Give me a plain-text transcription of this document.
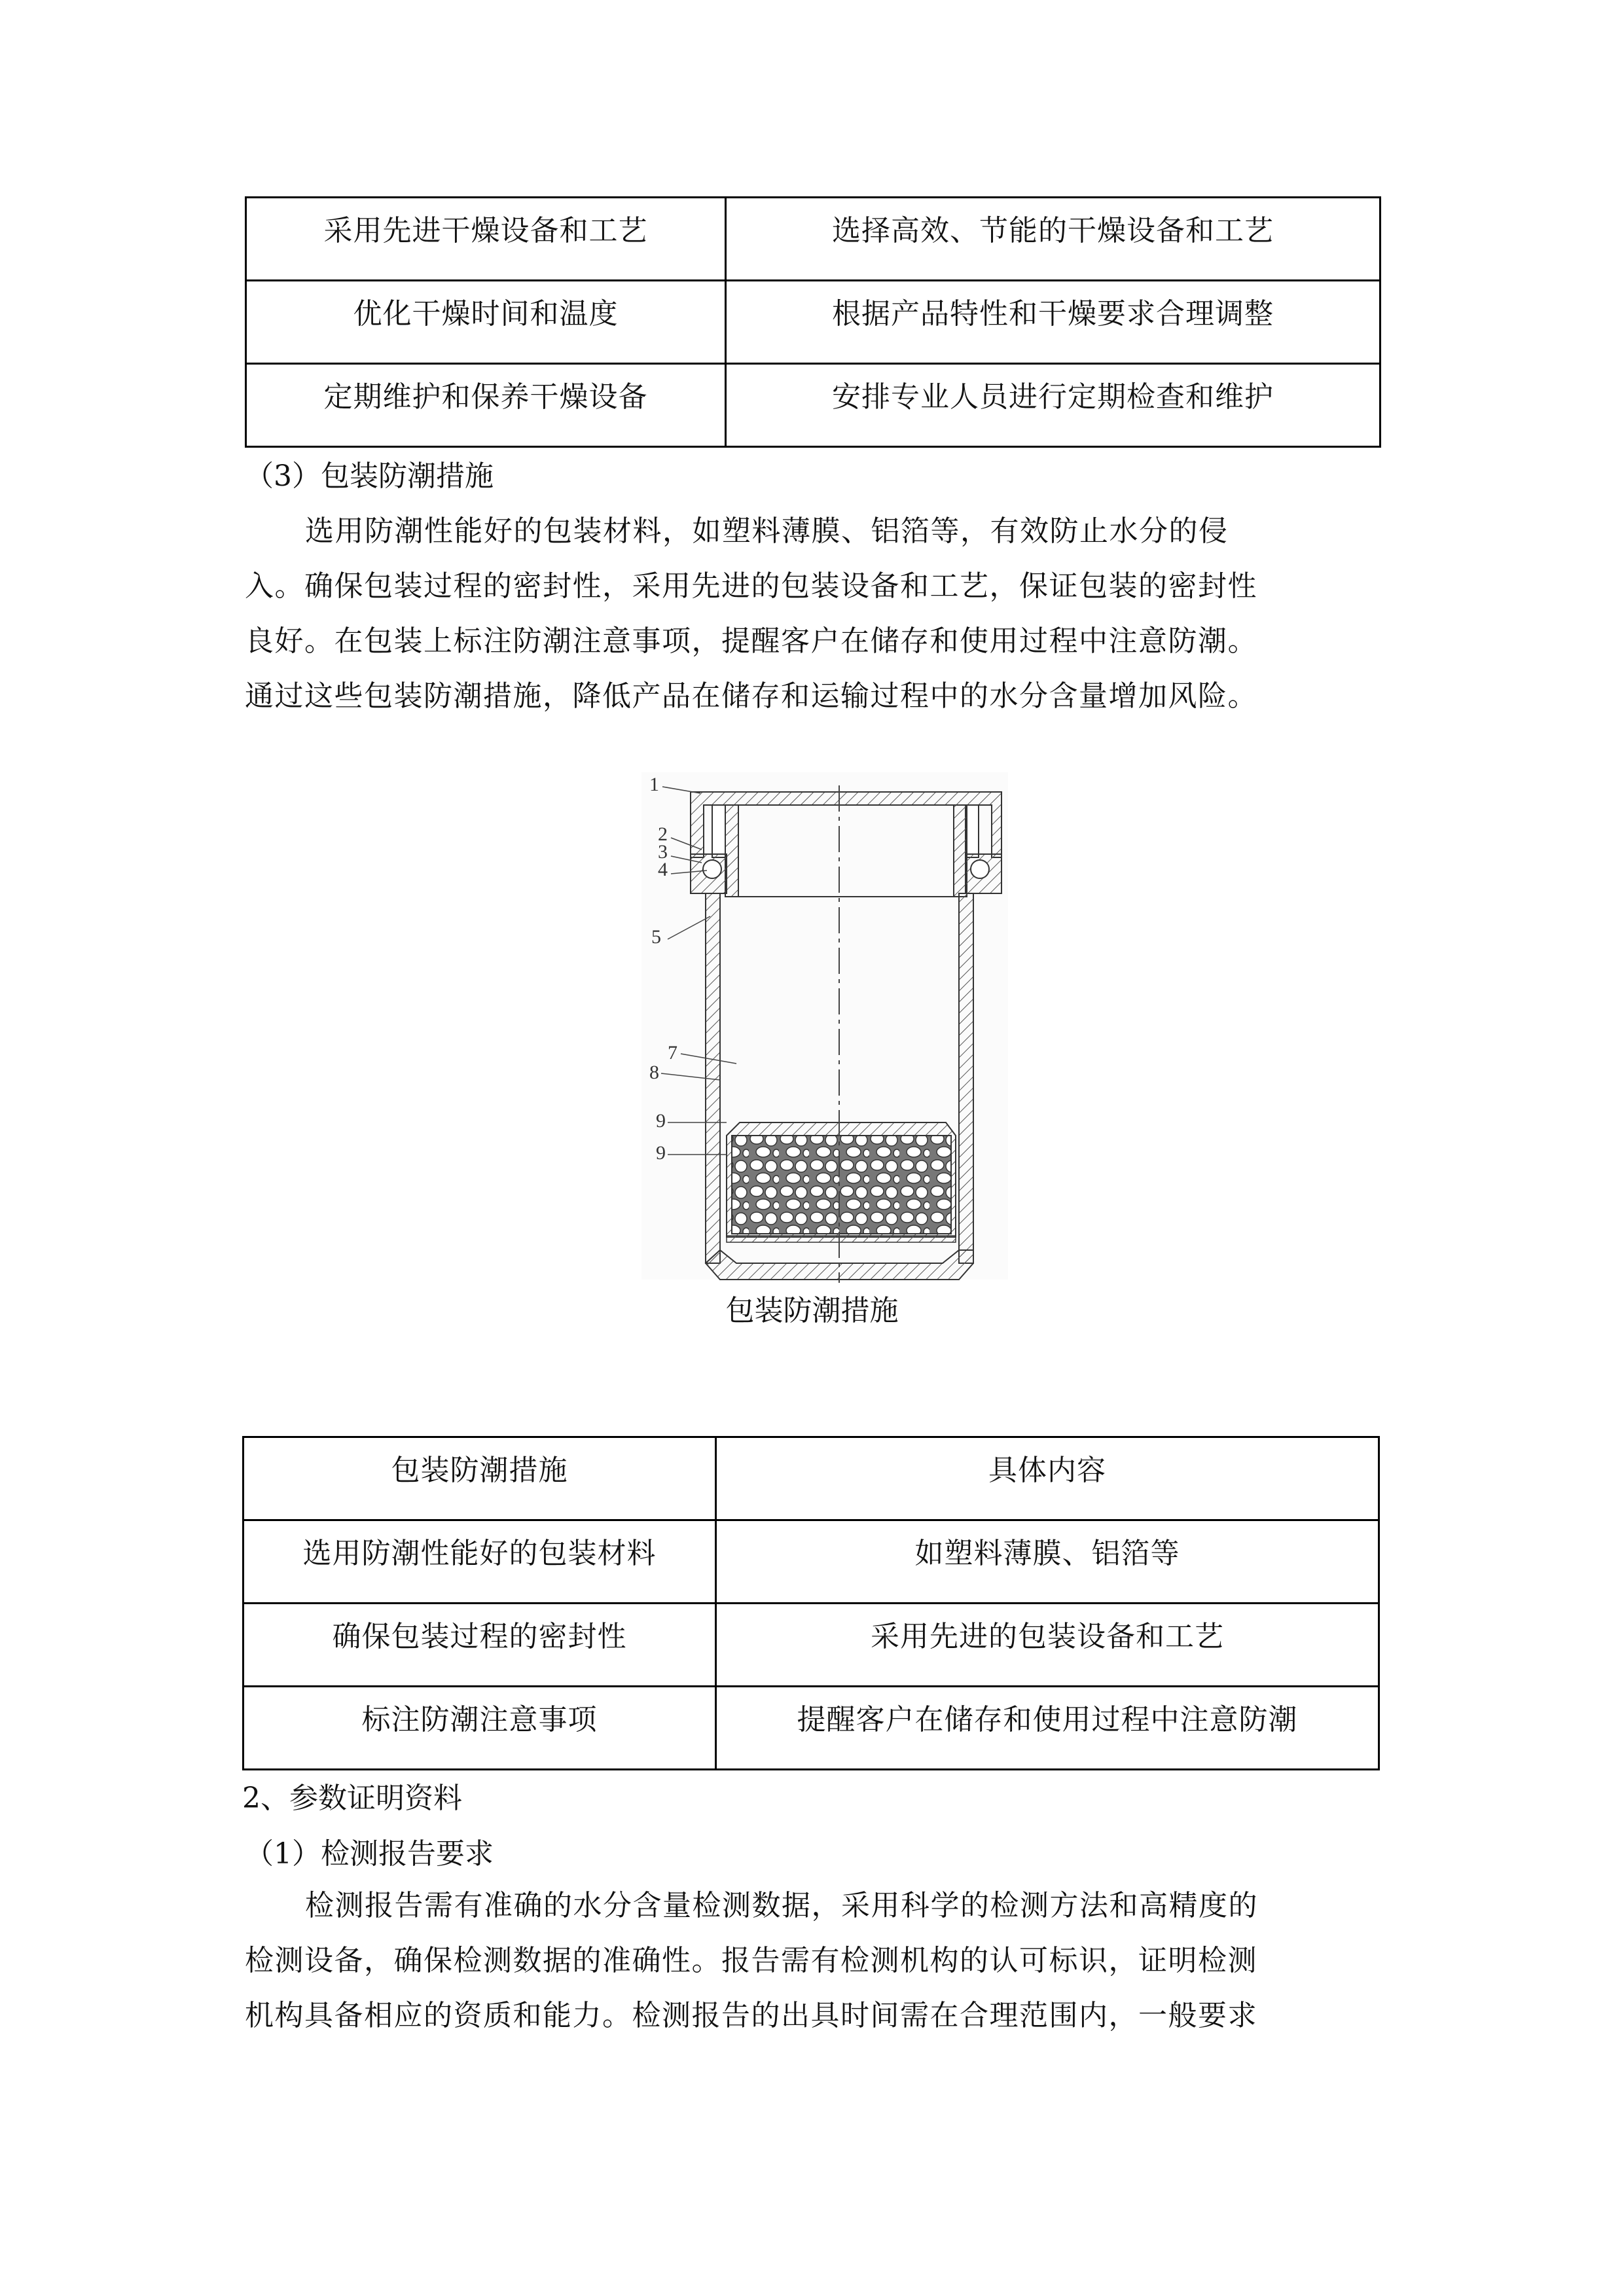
采用先进干燥设备和工艺	选择高效、节能的干燥设备和工艺
优化干燥时间和温度	根据产品特性和干燥要求合理调整
定期维护和保养干燥设备	安排专业人员进行定期检查和维护
（3）包装防潮措施
选用防潮性能好的包装材料，如塑料薄膜、铝箔等，有效防止水分的侵
入。确保包装过程的密封性，采用先进的包装设备和工艺，保证包装的密封性
良好。在包装上标注防潮注意事项，提醒客户在储存和使用过程中注意防潮。
通过这些包装防潮措施，降低产品在储存和运输过程中的水分含量增加风险。
1
2
3
4
5
7
8
9
9
包装防潮措施
包装防潮措施	具体内容
选用防潮性能好的包装材料	如塑料薄膜、铝箔等
确保包装过程的密封性	采用先进的包装设备和工艺
标注防潮注意事项	提醒客户在储存和使用过程中注意防潮
2、参数证明资料
（1）检测报告要求
检测报告需有准确的水分含量检测数据，采用科学的检测方法和高精度的
检测设备，确保检测数据的准确性。报告需有检测机构的认可标识，证明检测
机构具备相应的资质和能力。检测报告的出具时间需在合理范围内，一般要求
